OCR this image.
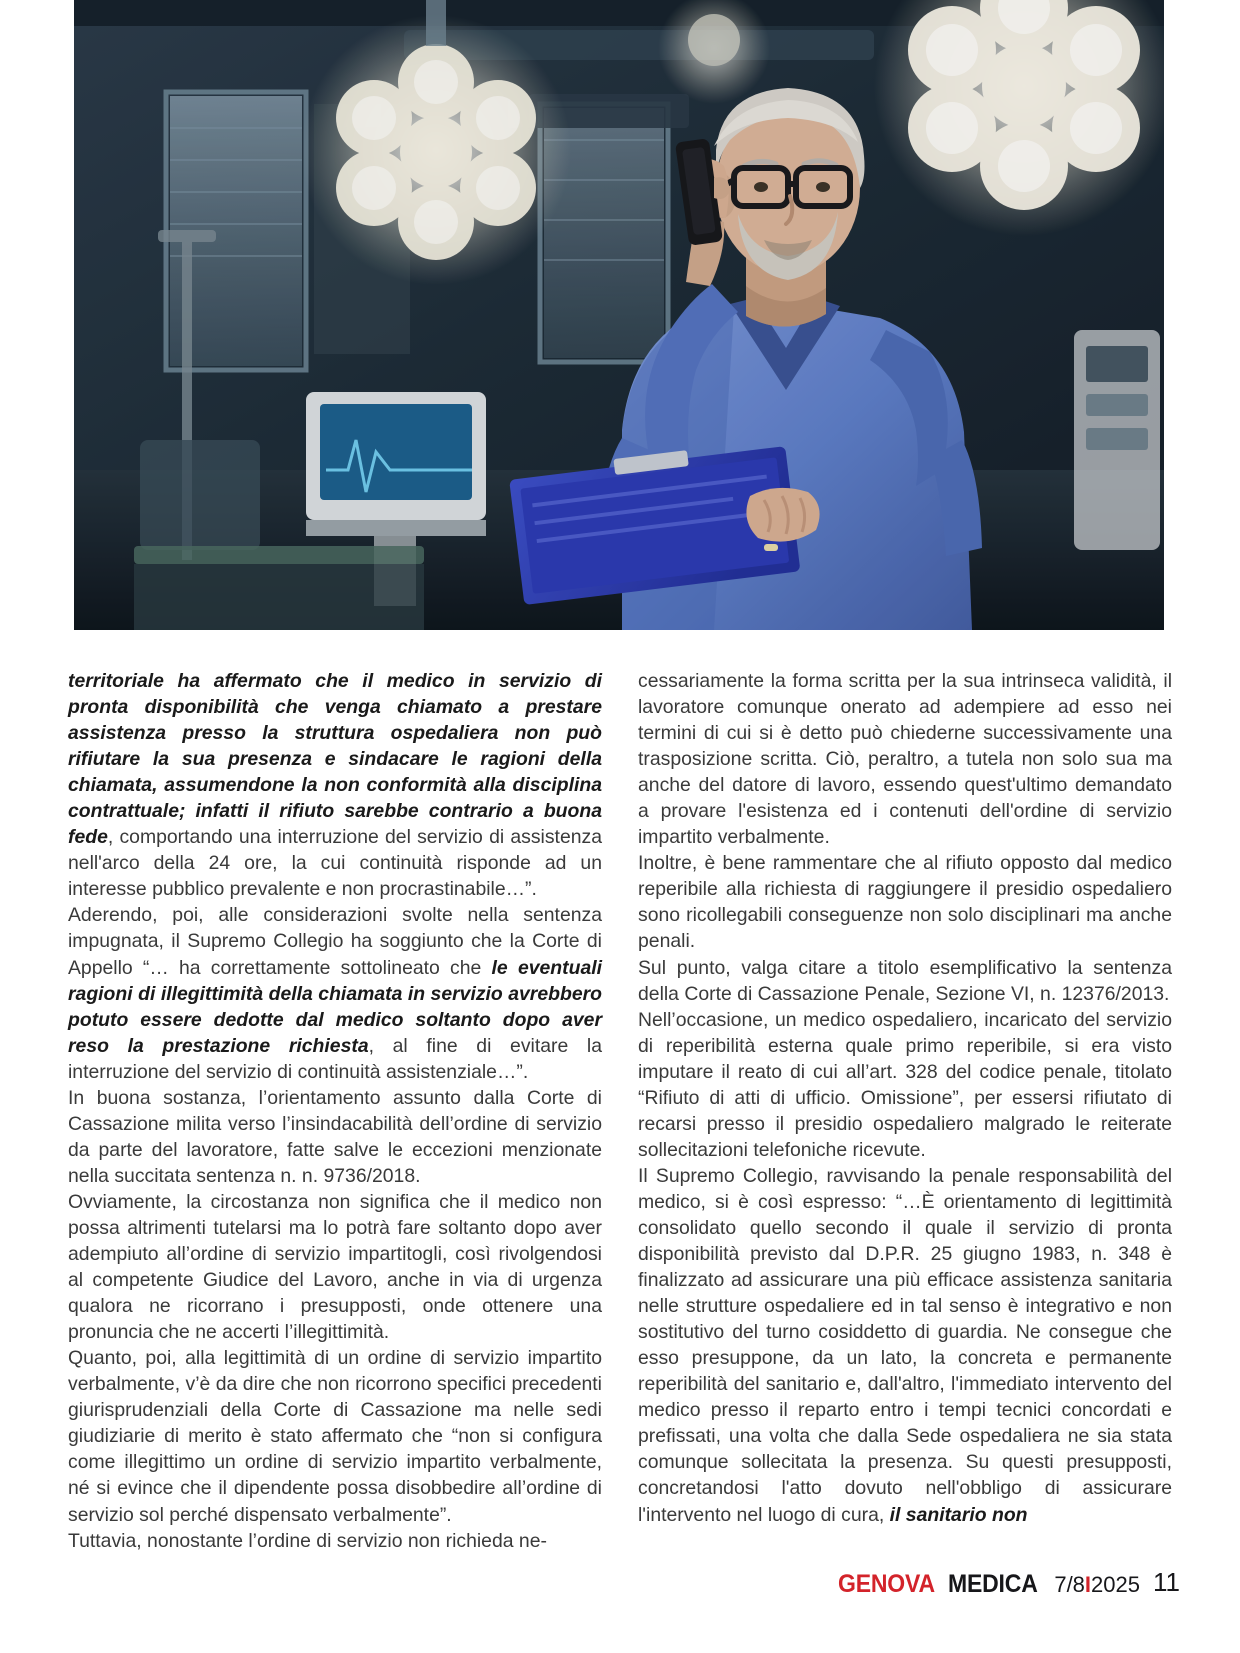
territoriale ha affermato che il medico in servizio di pronta disponibilità che venga chiamato a prestare assistenza presso la struttura ospedaliera non può rifiutare la sua presenza e sindacare le ragioni della chiamata, assumendone la non conformità alla disciplina contrattuale; infatti il rifiuto sarebbe contrario a buona fede, comportando una interruzione del servizio di assistenza nell'arco della 24 ore, la cui continuità risponde ad un interesse pubblico prevalente e non procrastinabile…”.

Aderendo, poi, alle considerazioni svolte nella sentenza impugnata, il Supremo Collegio ha soggiunto che la Corte di Appello “… ha correttamente sottolineato che le eventuali ragioni di illegittimità della chiamata in servizio avrebbero potuto essere dedotte dal medico soltanto dopo aver reso la prestazione richiesta, al fine di evitare la interruzione del servizio di continuità assistenziale…”.

In buona sostanza, l’orientamento assunto dalla Corte di Cassazione milita verso l’insindacabilità dell’ordine di servizio da parte del lavoratore, fatte salve le eccezioni menzionate nella succitata sentenza n. n. 9736/2018.

Ovviamente, la circostanza non significa che il medico non possa altrimenti tutelarsi ma lo potrà fare soltanto dopo aver adempiuto all’ordine di servizio impartitogli, così rivolgendosi al competente Giudice del Lavoro, anche in via di urgenza qualora ne ricorrano i presupposti, onde ottenere una pronuncia che ne accerti l’illegittimità.

Quanto, poi, alla legittimità di un ordine di servizio impartito verbalmente, v’è da dire che non ricorrono specifici precedenti giurisprudenziali della Corte di Cassazione ma nelle sedi giudiziarie di merito è stato affermato che “non si configura come illegittimo un ordine di servizio impartito verbalmente, né si evince che il dipendente possa disobbedire all’ordine di servizio sol perché dispensato verbalmente”.

Tuttavia, nonostante l’ordine di servizio non richieda ne-

cessariamente la forma scritta per la sua intrinseca validità, il lavoratore comunque onerato ad adempiere ad esso nei termini di cui si è detto può chiederne successivamente una trasposizione scritta. Ciò, peraltro, a tutela non solo sua ma anche del datore di lavoro, essendo quest'ultimo demandato a provare l'esistenza ed i contenuti dell'ordine di servizio impartito verbalmente.

Inoltre, è bene rammentare che al rifiuto opposto dal medico reperibile alla richiesta di raggiungere il presidio ospedaliero sono ricollegabili conseguenze non solo disciplinari ma anche penali.

Sul punto, valga citare a titolo esemplificativo la sentenza della Corte di Cassazione Penale, Sezione VI, n. 12376/2013.

Nell’occasione, un medico ospedaliero, incaricato del servizio di reperibilità esterna quale primo reperibile, si era visto imputare il reato di cui all’art. 328 del codice penale, titolato “Rifiuto di atti di ufficio. Omissione”, per essersi rifiutato di recarsi presso il presidio ospedaliero malgrado le reiterate sollecitazioni telefoniche ricevute.

Il Supremo Collegio, ravvisando la penale responsabilità del medico, si è così espresso: “…È orientamento di legittimità consolidato quello secondo il quale il servizio di pronta disponibilità previsto dal D.P.R. 25 giugno 1983, n. 348 è finalizzato ad assicurare una più efficace assistenza sanitaria nelle strutture ospedaliere ed in tal senso è integrativo e non sostitutivo del turno cosiddetto di guardia. Ne consegue che esso presuppone, da un lato, la concreta e permanente reperibilità del sanitario e, dall'altro, l'immediato intervento del medico presso il reparto entro i tempi tecnici concordati e prefissati, una volta che dalla Sede ospedaliera ne sia stata comunque sollecitata la presenza. Su questi presupposti, concretandosi l'atto dovuto nell'obbligo di assicurare l'intervento nel luogo di cura, il sanitario non

GENOVA MEDICA 7/8I2025 11
